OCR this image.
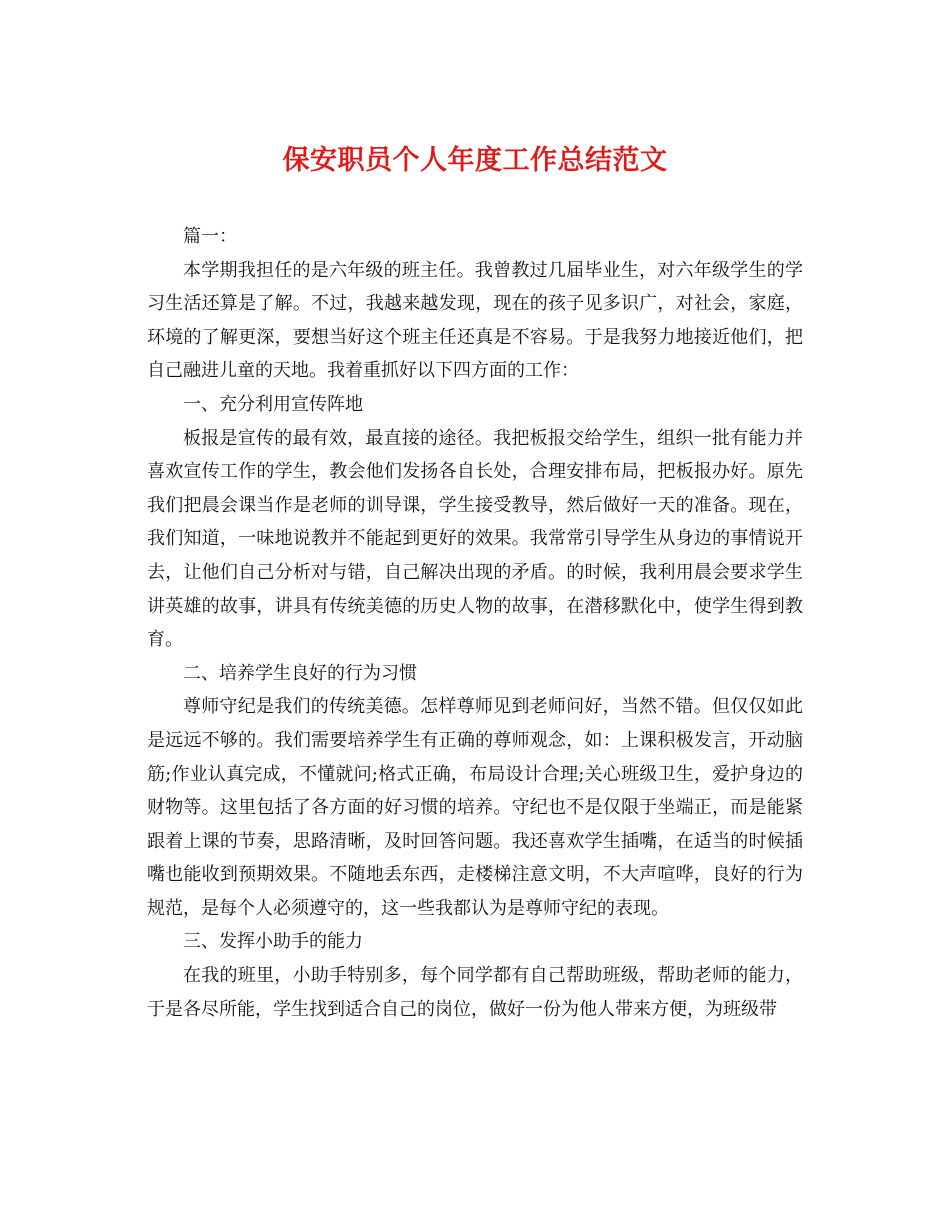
保安职员个人年度工作总结范文

篇一：

本学期我担任的是六年级的班主任。我曾教过几届毕业生，对六年级学生的学习生活还算是了解。不过，我越来越发现，现在的孩子见多识广，对社会，家庭，环境的了解更深，要想当好这个班主任还真是不容易。于是我努力地接近他们，把自己融进儿童的天地。我着重抓好以下四方面的工作：

一、充分利用宣传阵地

板报是宣传的最有效，最直接的途径。我把板报交给学生，组织一批有能力并喜欢宣传工作的学生，教会他们发扬各自长处，合理安排布局，把板报办好。原先我们把晨会课当作是老师的训导课，学生接受教导，然后做好一天的准备。现在，我们知道，一味地说教并不能起到更好的效果。我常常引导学生从身边的事情说开去，让他们自己分析对与错，自己解决出现的矛盾。的时候，我利用晨会要求学生讲英雄的故事，讲具有传统美德的历史人物的故事，在潜移默化中，使学生得到教育。

二、培养学生良好的行为习惯

尊师守纪是我们的传统美德。怎样尊师见到老师问好，当然不错。但仅仅如此是远远不够的。我们需要培养学生有正确的尊师观念，如：上课积极发言，开动脑筋;作业认真完成，不懂就问;格式正确，布局设计合理;关心班级卫生，爱护身边的财物等。这里包括了各方面的好习惯的培养。守纪也不是仅限于坐端正，而是能紧跟着上课的节奏，思路清晰，及时回答问题。我还喜欢学生插嘴，在适当的时候插嘴也能收到预期效果。不随地丢东西，走楼梯注意文明，不大声喧哗，良好的行为规范，是每个人必须遵守的，这一些我都认为是尊师守纪的表现。

三、发挥小助手的能力

在我的班里，小助手特别多，每个同学都有自己帮助班级，帮助老师的能力，于是各尽所能，学生找到适合自己的岗位，做好一份为他人带来方便，为班级带
